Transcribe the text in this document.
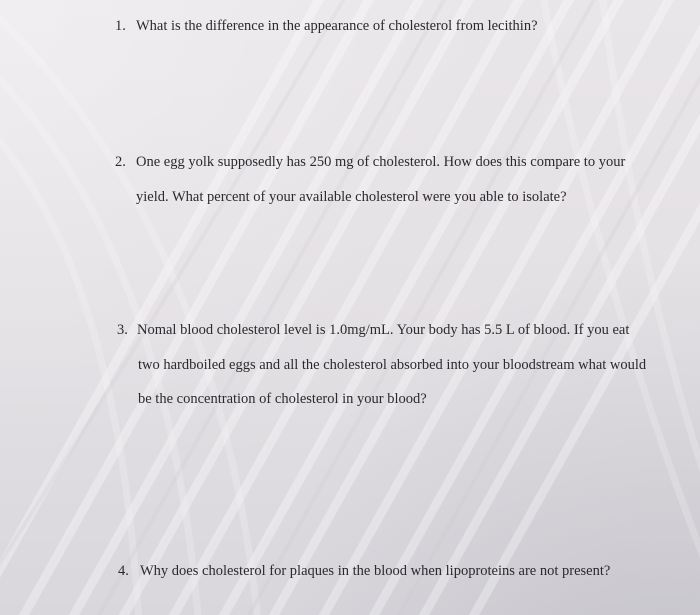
1. What is the difference in the appearance of cholesterol from lecithin?
2. One egg yolk supposedly has 250 mg of cholesterol. How does this compare to your
yield. What percent of your available cholesterol were you able to isolate?
3. Nomal blood cholesterol level is 1.0mg/mL. Your body has 5.5 L of blood. If you eat
two hardboiled eggs and all the cholesterol absorbed into your bloodstream what would
be the concentration of cholesterol in your blood?
4. Why does cholesterol for plaques in the blood when lipoproteins are not present?
